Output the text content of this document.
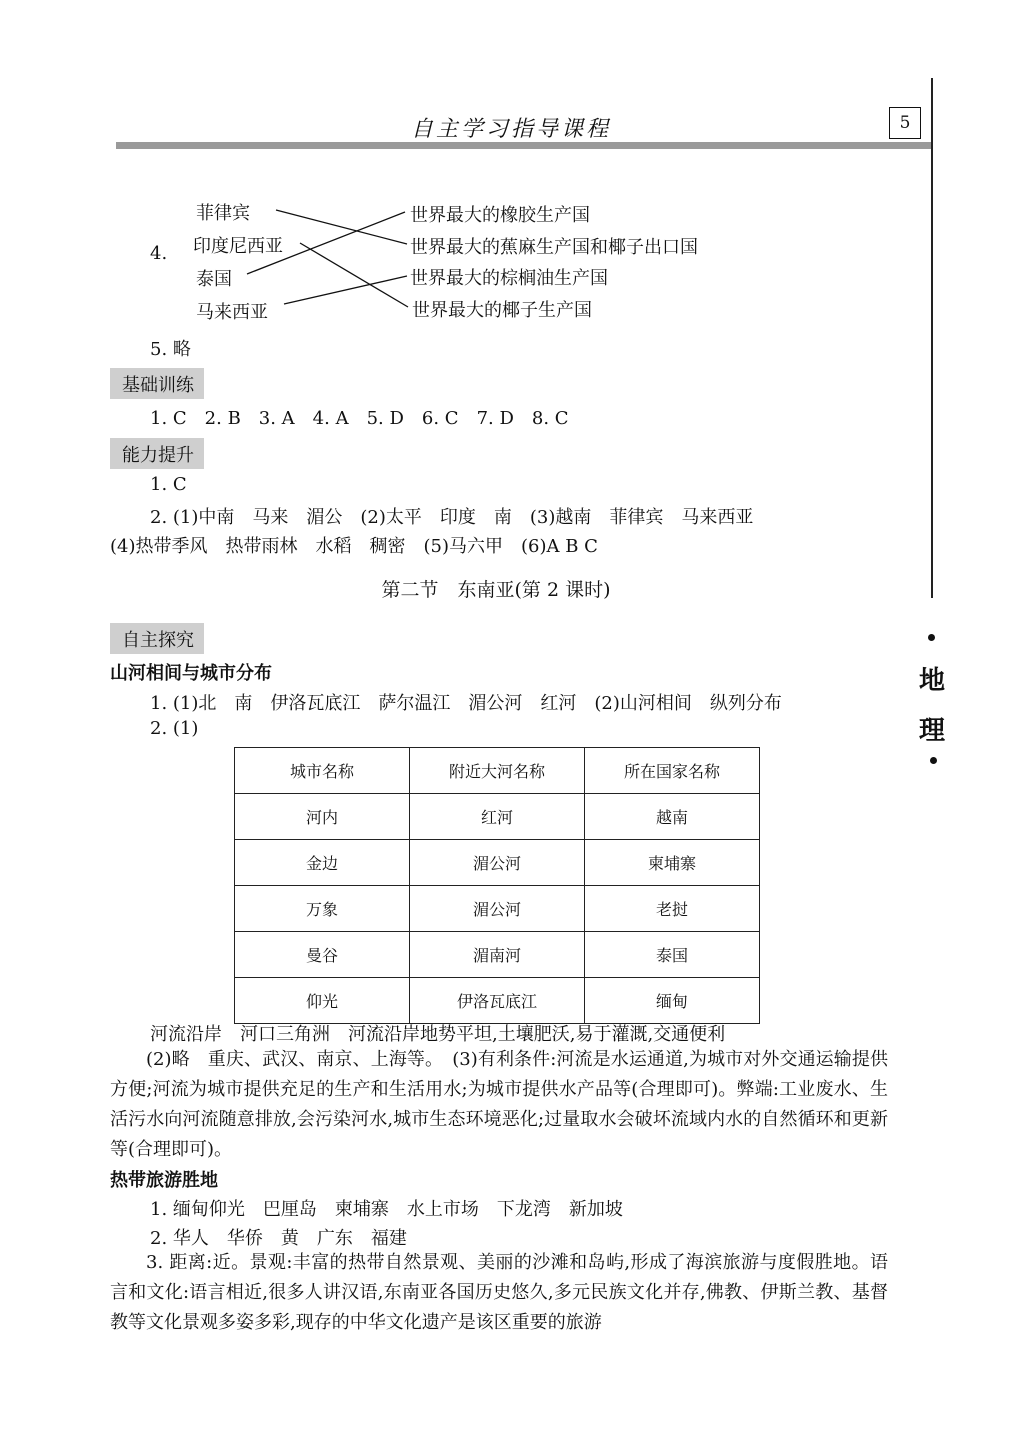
自主学习指导课程	5
地
理
4.
菲律宾
印度尼西亚
泰国
马来西亚
世界最大的橡胶生产国
世界最大的蕉麻生产国和椰子出口国
世界最大的棕榈油生产国
世界最大的椰子生产国
5. 略
基础训练
1. C　2. B　3. A　4. A　5. D　6. C　7. D　8. C
能力提升
1. C
2. (1)中南　马来　湄公　(2)太平　印度　南　(3)越南　菲律宾　马来西亚
(4)热带季风　热带雨林　水稻　稠密　(5)马六甲　(6)A B C
第二节　东南亚(第 2 课时)
自主探究
山河相间与城市分布
1. (1)北　南　伊洛瓦底江　萨尔温江　湄公河　红河　(2)山河相间　纵列分布
2. (1)
城市名称	附近大河名称	所在国家名称
河内	红河	越南
金边	湄公河	柬埔寨
万象	湄公河	老挝
曼谷	湄南河	泰国
仰光	伊洛瓦底江	缅甸
河流沿岸　河口三角洲　河流沿岸地势平坦,土壤肥沃,易于灌溉,交通便利
(2)略　重庆、武汉、南京、上海等。　(3)有利条件:河流是水运通道,为城市对外交通运输提供方便;河流为城市提供充足的生产和生活用水;为城市提供水产品等(合理即可)。弊端:工业废水、生活污水向河流随意排放,会污染河水,城市生态环境恶化;过量取水会破坏流域内水的自然循环和更新等(合理即可)。
热带旅游胜地
1. 缅甸仰光　巴厘岛　柬埔寨　水上市场　下龙湾　新加坡
2. 华人　华侨　黄　广东　福建
3. 距离:近。景观:丰富的热带自然景观、美丽的沙滩和岛屿,形成了海滨旅游与度假胜地。语言和文化:语言相近,很多人讲汉语,东南亚各国历史悠久,多元民族文化并存,佛教、伊斯兰教、基督教等文化景观多姿多彩,现存的中华文化遗产是该区重要的旅游
